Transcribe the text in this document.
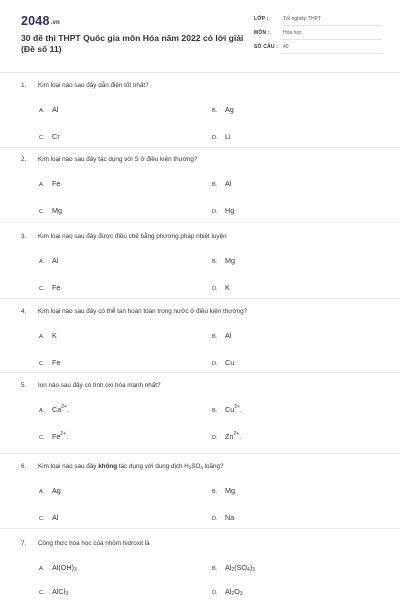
2048.vn
30 đề thi THPT Quốc gia môn Hóa năm 2022 có lời giải (Đề số 11)
LỚP :	Tốt nghiệp THPT
MÔN :	Hóa học
SỐ CÂU : 40
1. Kim loại nào sau đây dẫn điện tốt nhất?
A. Al	B. Ag
C. Cr	D. Li
2. Kim loại nào sau đây tác dụng với S ở điều kiện thường?
A. Fe	B. Al
C. Mg	D. Hg
3. Kim loại nào sau đây được điều chế bằng phương pháp nhiệt luyện
A. Al	B. Mg
C. Fe	D. K
4. Kim loại nào sau đây có thể tan hoàn toàn trong nước ở điều kiện thường?
A. K	B. Al
C. Fe	D. Cu
5. Ion nào sau đây có tính oxi hóa mạnh nhất?
A. $Ca^{2+}$.	B. $Cu^{2+}$.
C. $Fe^{2+}$.	D. $Zn^{2+}$.
6. Kim loại nào sau đây không tác dụng với dung dịch $H_2SO_4$ loãng?
A. Ag	B. Mg
C. Al	D. Na
7. Công thức hóa học của nhôm hidroxit là
A. $Al(OH)_3$	B. $Al_2(SO_4)_3$
C. AlCl$_3$	D. $Al_2O_3$
